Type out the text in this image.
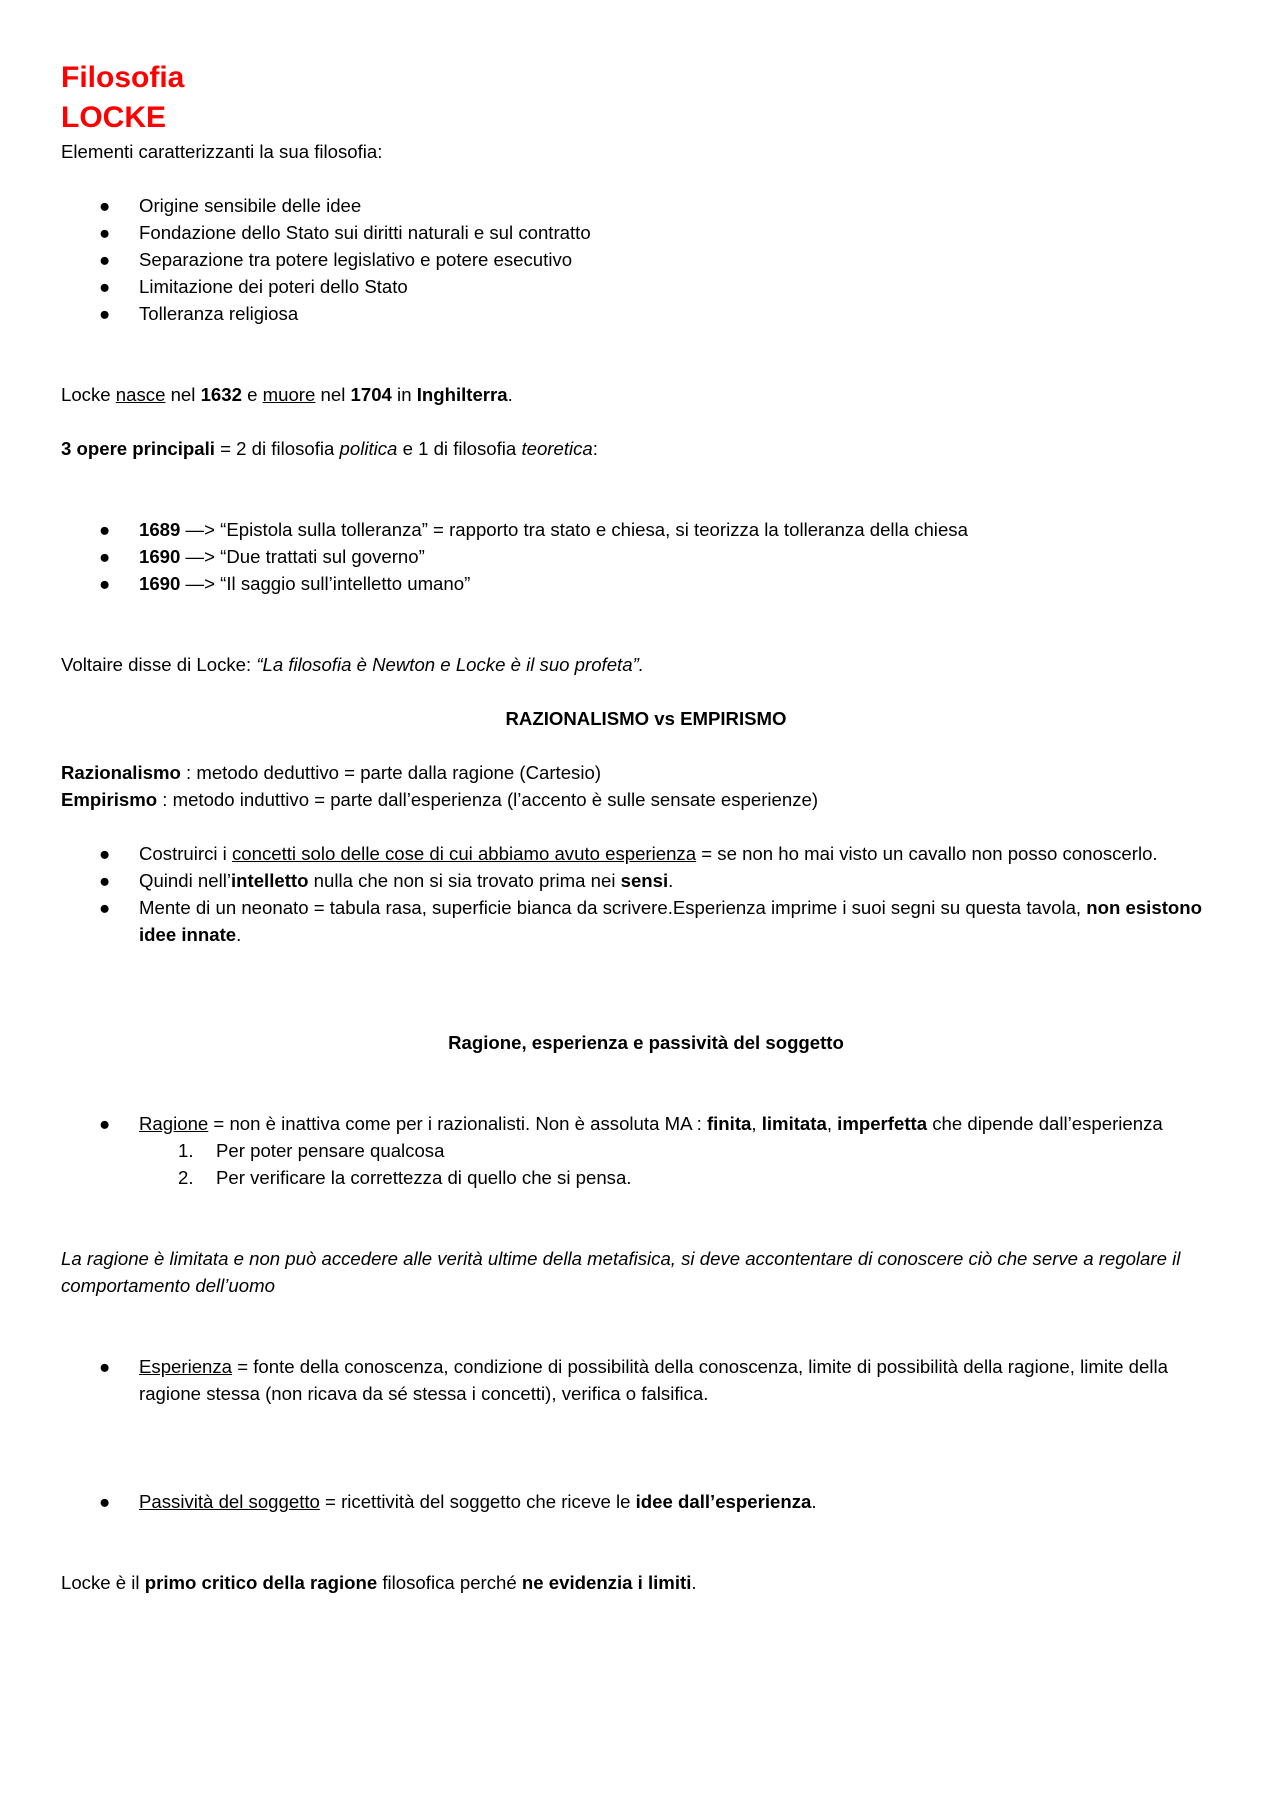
Filosofia
LOCKE

Elementi caratterizzanti la sua filosofia:

● Origine sensibile delle idee
● Fondazione dello Stato sui diritti naturali e sul contratto
● Separazione tra potere legislativo e potere esecutivo
● Limitazione dei poteri dello Stato
● Tolleranza religiosa

Locke nasce nel 1632 e muore nel 1704 in Inghilterra.

3 opere principali = 2 di filosofia politica e 1 di filosofia teoretica:

● 1689 —> “Epistola sulla tolleranza” = rapporto tra stato e chiesa, si teorizza la tolleranza della chiesa
● 1690 —> “Due trattati sul governo”
● 1690 —> “Il saggio sull’intelletto umano”

Voltaire disse di Locke: “La filosofia è Newton e Locke è il suo profeta”.

RAZIONALISMO vs EMPIRISMO

Razionalismo : metodo deduttivo = parte dalla ragione (Cartesio)

Empirismo : metodo induttivo = parte dall’esperienza (l’accento è sulle sensate esperienze)

● Costruirci i concetti solo delle cose di cui abbiamo avuto esperienza = se non ho mai visto un cavallo non posso conoscerlo.
● Quindi nell’intelletto nulla che non si sia trovato prima nei sensi.
● Mente di un neonato = tabula rasa, superficie bianca da scrivere.Esperienza imprime i suoi segni su questa tavola, non esistono idee innate.

Ragione, esperienza e passività del soggetto

● Ragione = non è inattiva come per i razionalisti. Non è assoluta MA : finita, limitata, imperfetta che dipende dall’esperienza
1. Per poter pensare qualcosa
2. Per verificare la correttezza di quello che si pensa.

La ragione è limitata e non può accedere alle verità ultime della metafisica, si deve accontentare di conoscere ciò che serve a regolare il comportamento dell’uomo

● Esperienza = fonte della conoscenza, condizione di possibilità della conoscenza, limite di possibilità della ragione, limite della ragione stessa (non ricava da sé stessa i concetti), verifica o falsifica.
● Passività del soggetto = ricettività del soggetto che riceve le idee dall’esperienza.

Locke è il primo critico della ragione filosofica perché ne evidenzia i limiti.
